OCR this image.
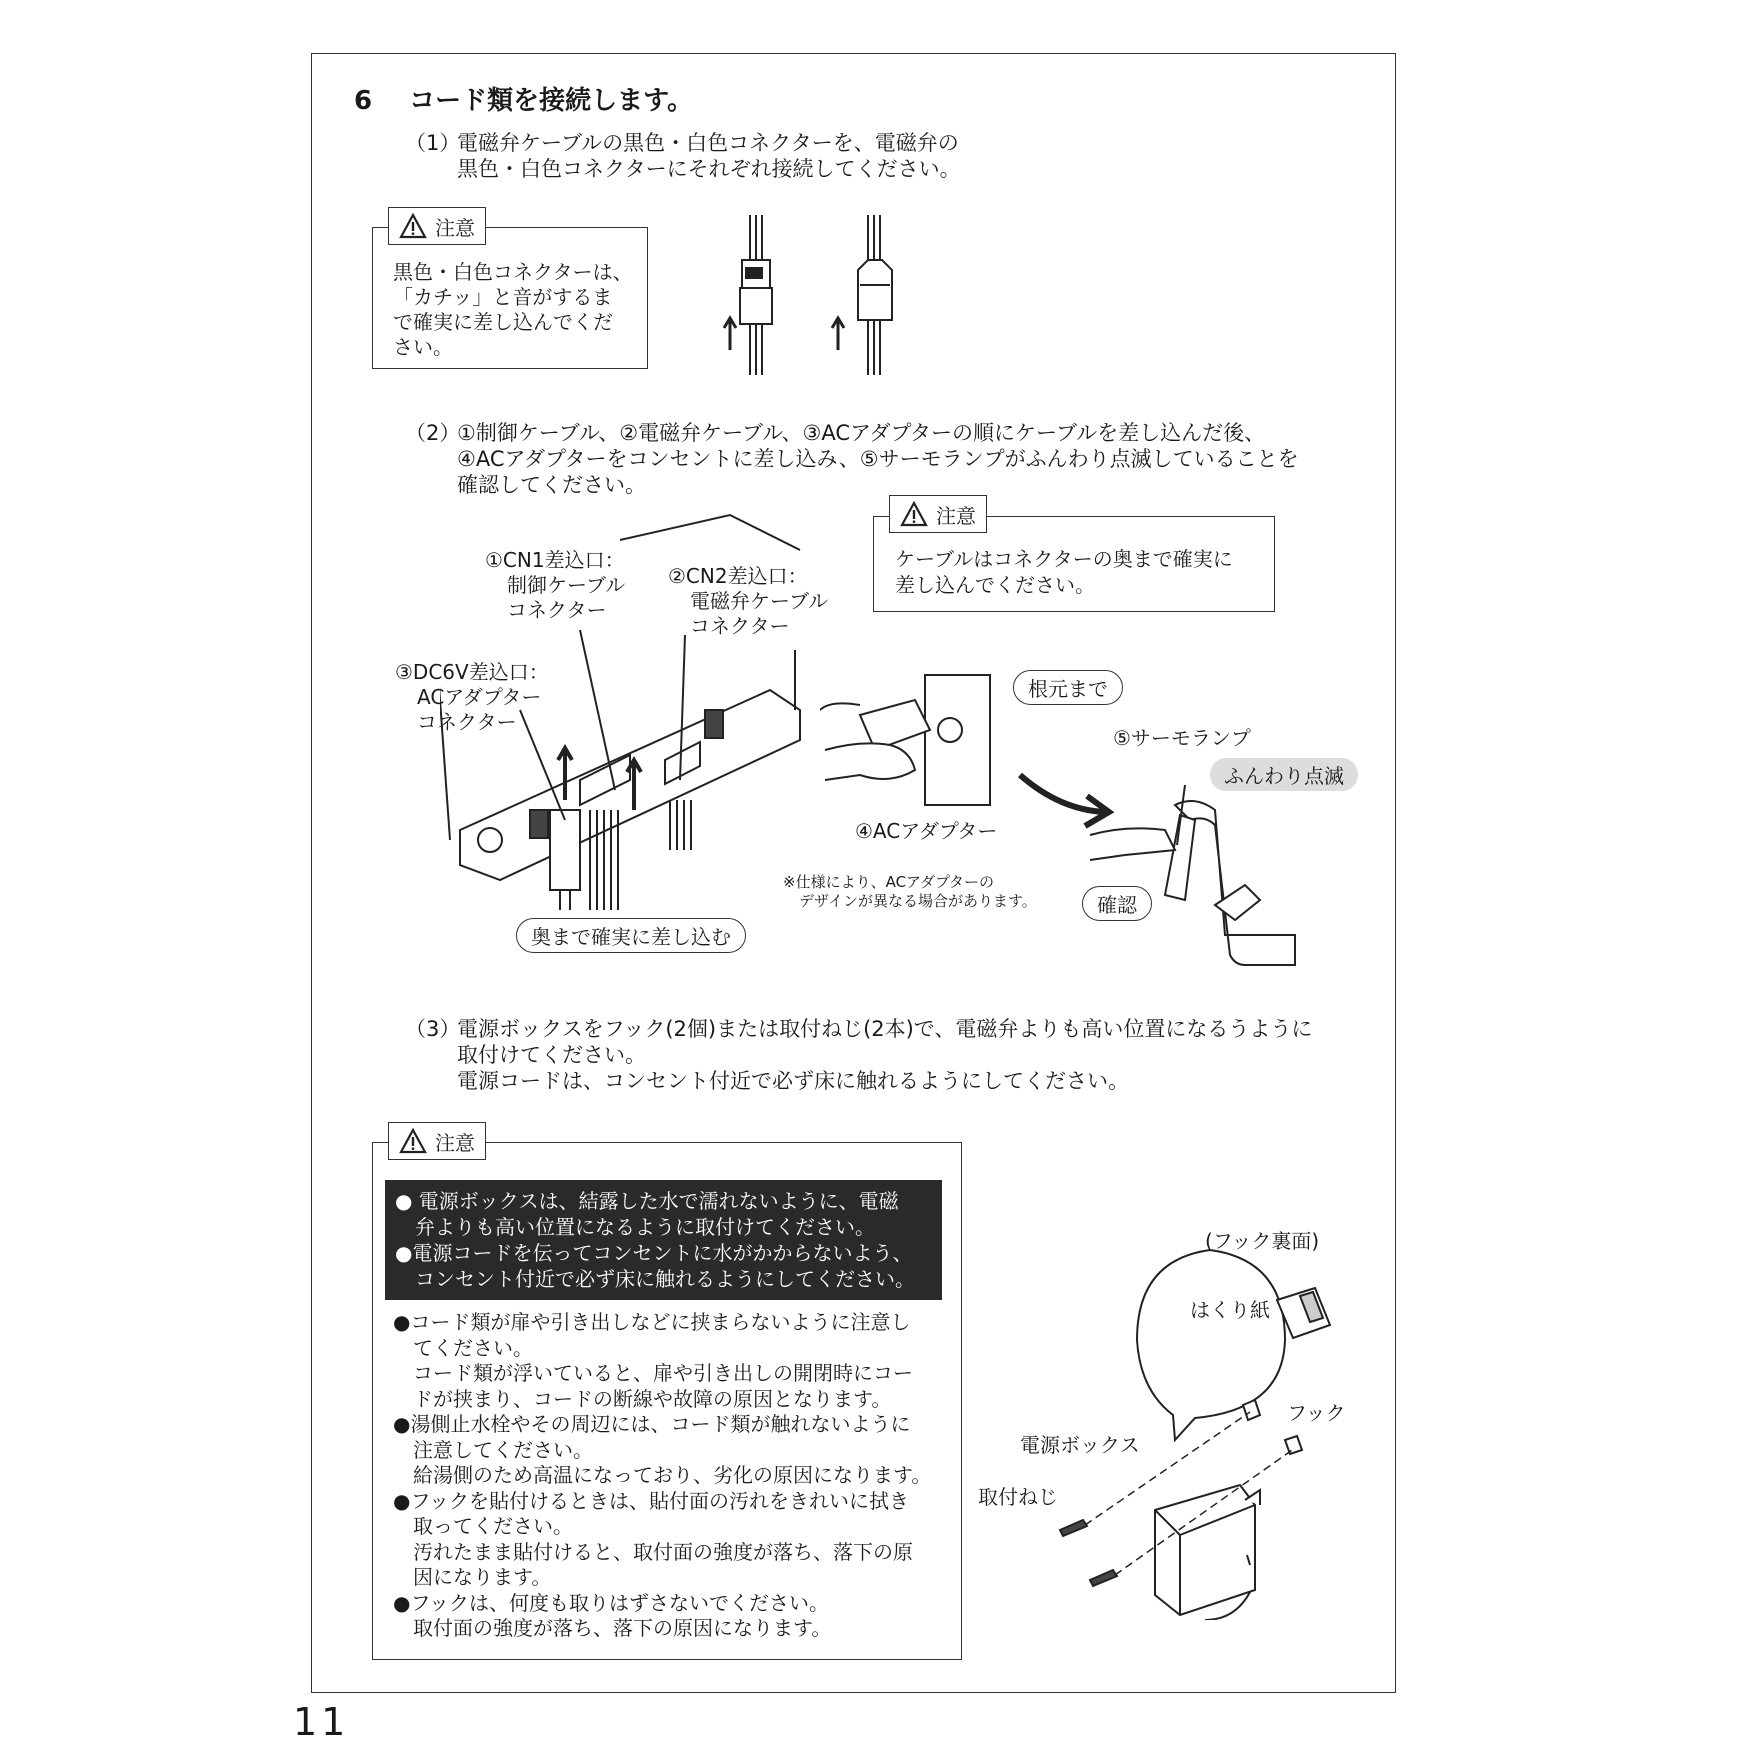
6 コード類を接続します。
（1）
電磁弁ケーブルの黒色・白色コネクターを、電磁弁の
黒色・白色コネクターにそれぞれ接続してください。
注意
黒色・白色コネクターは、
「カチッ」と音がするま
で確実に差し込んでくだ
さい。
（2）
①制御ケーブル、②電磁弁ケーブル、③ACアダプターの順にケーブルを差し込んだ後、
④ACアダプターをコンセントに差し込み、⑤サーモランプがふんわり点滅していることを
確認してください。
注意
ケーブルはコネクターの奥まで確実に
差し込んでください。
①CN1差込口：
制御ケーブル
コネクター
②CN2差込口：
電磁弁ケーブル
コネクター
③DC6V差込口：
ACアダプター
コネクター
奥まで確実に差し込む
根元まで
④ACアダプター
※仕様により、ACアダプターの
デザインが異なる場合があります。
⑤サーモランプ
ふんわり点滅
確認
（3）
電源ボックスをフック(2個)または取付ねじ(2本)で、電磁弁よりも高い位置になるうように
取付けてください。
電源コードは、コンセント付近で必ず床に触れるようにしてください。
注意
● 電源ボックスは、結露した水で濡れないように、電磁
　弁よりも高い位置になるように取付けてください。
●電源コードを伝ってコンセントに水がかからないよう、
　コンセント付近で必ず床に触れるようにしてください。
●コード類が扉や引き出しなどに挟まらないように注意し
　てください。
　コード類が浮いていると、扉や引き出しの開閉時にコー
　ドが挟まり、コードの断線や故障の原因となります。
●湯側止水栓やその周辺には、コード類が触れないように
　注意してください。
　給湯側のため高温になっており、劣化の原因になります。
●フックを貼付けるときは、貼付面の汚れをきれいに拭き
　取ってください。
　汚れたまま貼付けると、取付面の強度が落ち、落下の原
　因になります。
●フックは、何度も取りはずさないでください。
　取付面の強度が落ち、落下の原因になります。
(フック裏面)
はくり紙
フック
電源ボックス
取付ねじ
11
